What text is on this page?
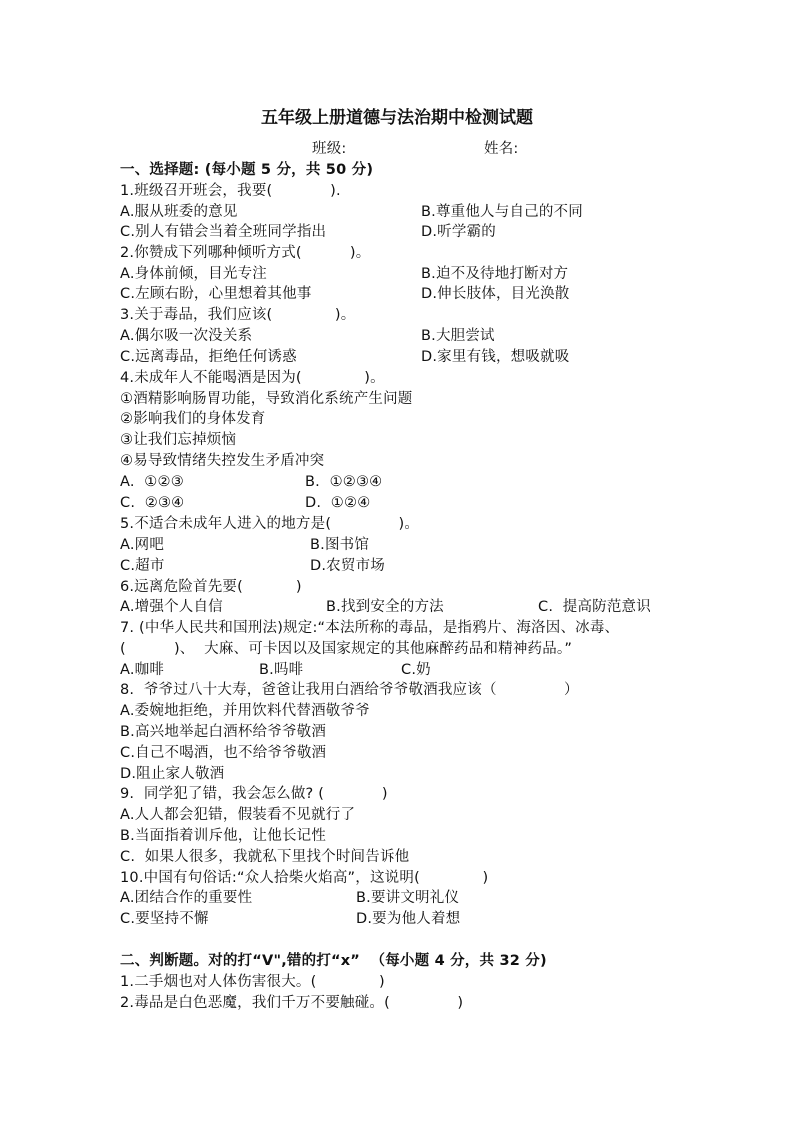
五年级上册道德与法治期中检测试题
班级:	姓名:
一、选择题: (每小题 5 分，共 50 分)
1.班级召开班会，我要(            ).
A.服从班委的意见	B.尊重他人与自己的不同
C.别人有错会当着全班同学指出	D.听学霸的
2.你赞成下列哪种倾听方式(          )。
A.身体前倾，目光专注	B.迫不及待地打断对方
C.左顾右盼，心里想着其他事	D.伸长肢体，目光涣散
3.关于毒品，我们应该(             )。
A.偶尔吸一次没关系	B.大胆尝试
C.远离毒品，拒绝任何诱惑	D.家里有钱，想吸就吸
4.未成年人不能喝酒是因为(             )。
①酒精影响肠胃功能，导致消化系统产生问题
②影响我们的身体发育
③让我们忘掉烦恼
④易导致情绪失控发生矛盾冲突
A.  ①②③	B.  ①②③④
C.  ②③④	D.  ①②④
5.不适合未成年人进入的地方是(              )。
A.网吧	B.图书馆
C.超市	D.农贸市场
6.远离危险首先要(           )
A.增强个人自信	B.找到安全的方法	C.  提高防范意识
7. (中华人民共和国刑法)规定:“本法所称的毒品，是指鸦片、海洛因、冰毒、
(          )、  大麻、可卡因以及国家规定的其他麻醉药品和精神药品。”
A.咖啡	B.吗啡	C.奶
8.  爷爷过八十大寿，爸爸让我用白酒给爷爷敬酒我应该（              ）
A.委婉地拒绝，并用饮料代替酒敬爷爷
B.高兴地举起白酒杯给爷爷敬酒
C.自己不喝酒，也不给爷爷敬酒
D.阻止家人敬酒
9.  同学犯了错，我会怎么做? (            )
A.人人都会犯错，假装看不见就行了
B.当面指着训斥他，让他长记性
C.  如果人很多，我就私下里找个时间告诉他
10.中国有句俗话:“众人拾柴火焰高”，这说明(             )
A.团结合作的重要性	B.要讲文明礼仪
C.要坚持不懈	D.要为他人着想
二、判断题。对的打“V",错的打“x”  （每小题 4 分，共 32 分)
1.二手烟也对人体伤害很大。(             )
2.毒品是白色恶魔，我们千万不要触碰。(              )
